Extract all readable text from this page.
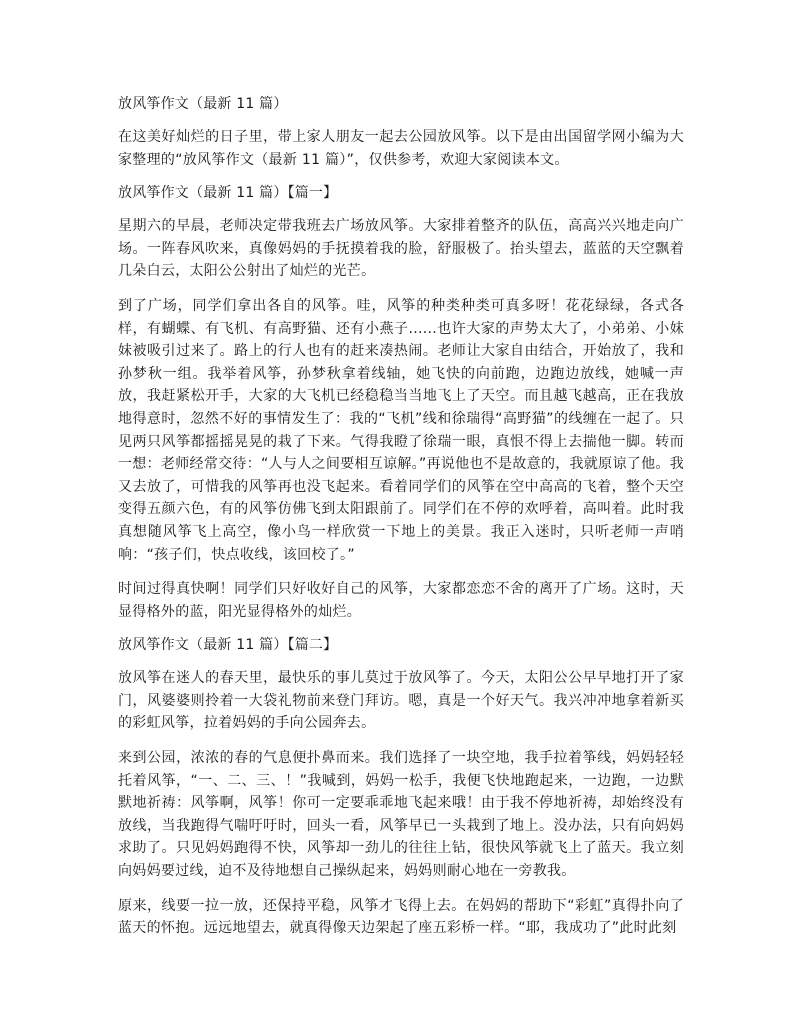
放风筝作文（最新 11 篇）

在这美好灿烂的日子里，带上家人朋友一起去公园放风筝。以下是由出国留学网小编为大家整理的“放风筝作文（最新 11 篇）”，仅供参考，欢迎大家阅读本文。

放风筝作文（最新 11 篇）【篇一】

星期六的早晨，老师决定带我班去广场放风筝。大家排着整齐的队伍，高高兴兴地走向广场。一阵春风吹来，真像妈妈的手抚摸着我的脸，舒服极了。抬头望去，蓝蓝的天空飘着几朵白云，太阳公公射出了灿烂的光芒。

到了广场，同学们拿出各自的风筝。哇，风筝的种类种类可真多呀！花花绿绿，各式各样，有蝴蝶、有飞机、有高野猫、还有小燕子......也许大家的声势太大了，小弟弟、小妹妹被吸引过来了。路上的行人也有的赶来凑热闹。老师让大家自由结合，开始放了，我和孙梦秋一组。我举着风筝，孙梦秋拿着线轴，她飞快的向前跑，边跑边放线，她喊一声放，我赶紧松开手，大家的大飞机已经稳稳当当地飞上了天空。而且越飞越高，正在我放地得意时，忽然不好的事情发生了：我的“飞机”线和徐瑞得“高野猫”的线缠在一起了。只见两只风筝都摇摇晃晃的栽了下来。气得我瞪了徐瑞一眼，真恨不得上去揣他一脚。转而一想：老师经常交待：“人与人之间要相互谅解。”再说他也不是故意的，我就原谅了他。我又去放了，可惜我的风筝再也没飞起来。看着同学们的风筝在空中高高的飞着，整个天空变得五颜六色，有的风筝仿佛飞到太阳跟前了。同学们在不停的欢呼着，高叫着。此时我真想随风筝飞上高空，像小鸟一样欣赏一下地上的美景。我正入迷时，只听老师一声哨响：“孩子们，快点收线，该回校了。”

时间过得真快啊！同学们只好收好自己的风筝，大家都恋恋不舍的离开了广场。这时，天显得格外的蓝，阳光显得格外的灿烂。

放风筝作文（最新 11 篇）【篇二】

放风筝在迷人的春天里，最快乐的事儿莫过于放风筝了。今天，太阳公公早早地打开了家门，风婆婆则拎着一大袋礼物前来登门拜访。嗯，真是一个好天气。我兴冲冲地拿着新买的彩虹风筝，拉着妈妈的手向公园奔去。

来到公园，浓浓的春的气息便扑鼻而来。我们选择了一块空地，我手拉着筝线，妈妈轻轻托着风筝，“一、二、三、！”我喊到，妈妈一松手，我便飞快地跑起来，一边跑，一边默默地祈祷：风筝啊，风筝！你可一定要乖乖地飞起来哦！由于我不停地祈祷，却始终没有放线，当我跑得气喘吁吁时，回头一看，风筝早已一头栽到了地上。没办法，只有向妈妈求助了。只见妈妈跑得不快，风筝却一劲儿的往往上钻，很快风筝就飞上了蓝天。我立刻向妈妈要过线，迫不及待地想自己操纵起来，妈妈则耐心地在一旁教我。

原来，线要一拉一放，还保持平稳，风筝才飞得上去。在妈妈的帮助下“彩虹”真得扑向了蓝天的怀抱。远远地望去，就真得像天边架起了座五彩桥一样。“耶，我成功了”此时此刻
